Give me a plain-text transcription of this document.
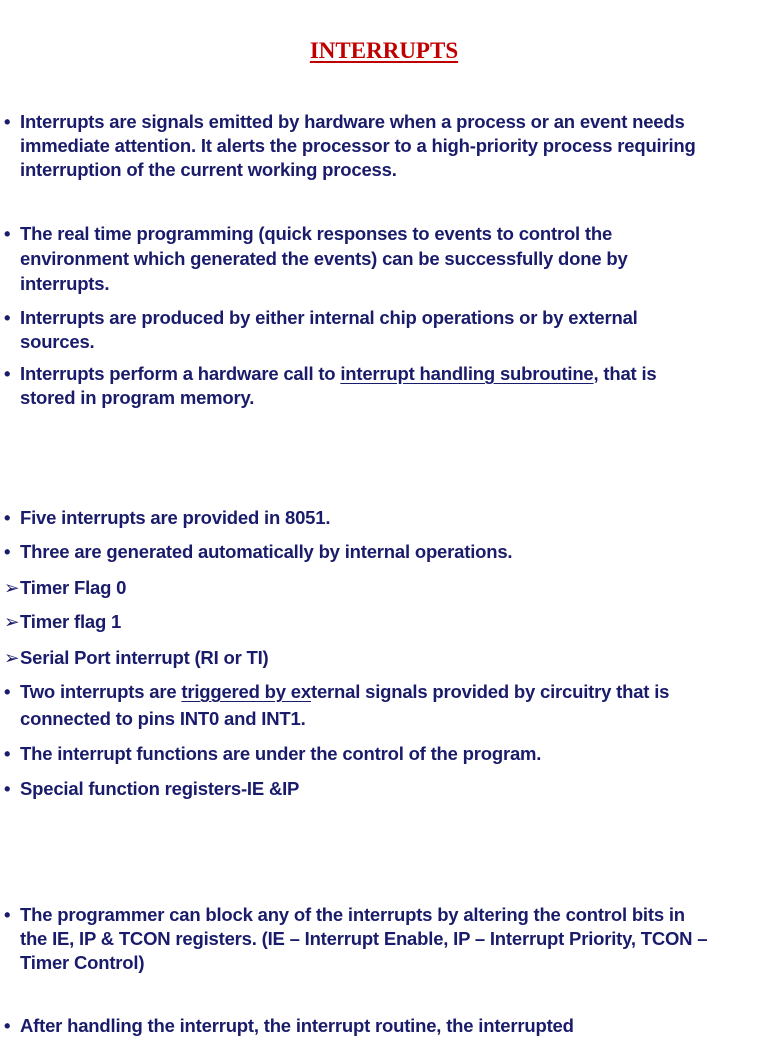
INTERRUPTS
• Interrupts are signals emitted by hardware when a process or an event needs
immediate attention. It alerts the processor to a high-priority process requiring
interruption of the current working process.
• The real time programming (quick responses to events to control the
environment which generated the events) can be successfully done by
interrupts.
• Interrupts are produced by either internal chip operations or by external
sources.
• Interrupts perform a hardware call to interrupt handling subroutine, that is
stored in program memory.
• Five interrupts are provided in 8051.
• Three are generated automatically by internal operations.
➢Timer Flag 0
➢Timer flag 1
➢Serial Port interrupt (RI or TI)
• Two interrupts are triggered by external signals provided by circuitry that is
connected to pins INT0 and INT1.
• The interrupt functions are under the control of the program.
• Special function registers-IE &IP
• The programmer can block any of the interrupts by altering the control bits in
the IE, IP & TCON registers. (IE – Interrupt Enable, IP – Interrupt Priority, TCON –
Timer Control)
• After handling the interrupt, the interrupt routine, the interrupted
